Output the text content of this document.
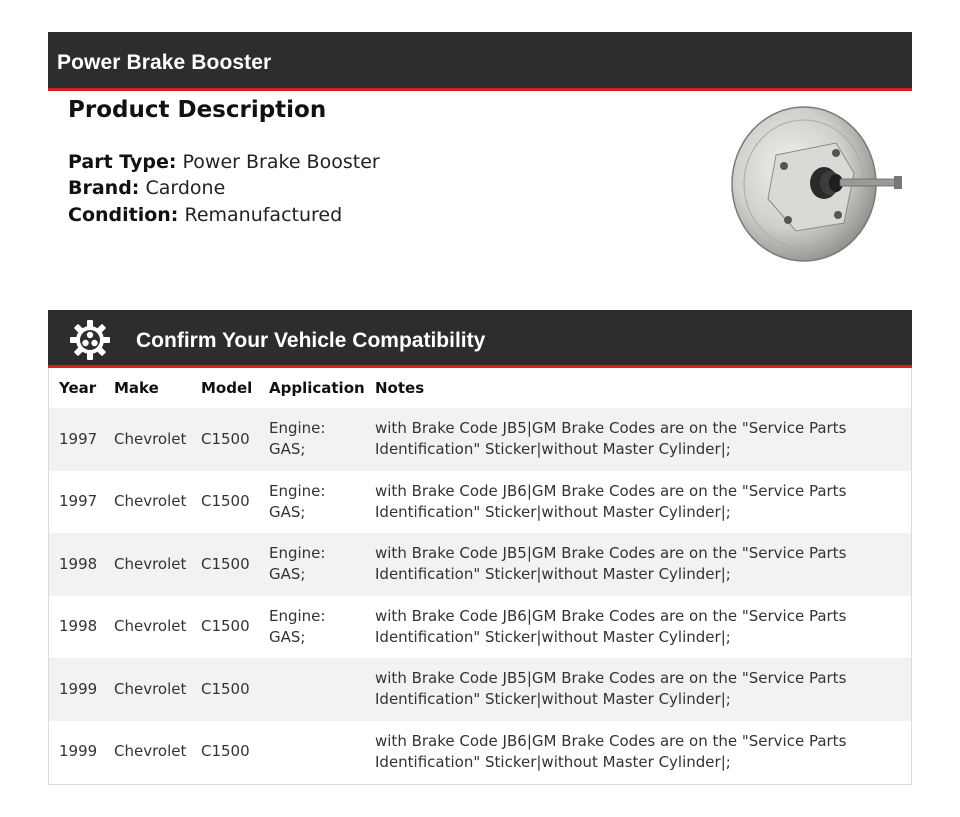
Power Brake Booster
Product Description
Part Type: Power Brake Booster
Brand: Cardone
Condition: Remanufactured
Confirm Your Vehicle Compatibility
Year	Make	Model	Application	Notes
1997	Chevrolet	C1500	Engine: GAS;	with Brake Code JB5|GM Brake Codes are on the "Service Parts Identification" Sticker|without Master Cylinder|;
1997	Chevrolet	C1500	Engine: GAS;	with Brake Code JB6|GM Brake Codes are on the "Service Parts Identification" Sticker|without Master Cylinder|;
1998	Chevrolet	C1500	Engine: GAS;	with Brake Code JB5|GM Brake Codes are on the "Service Parts Identification" Sticker|without Master Cylinder|;
1998	Chevrolet	C1500	Engine: GAS;	with Brake Code JB6|GM Brake Codes are on the "Service Parts Identification" Sticker|without Master Cylinder|;
1999	Chevrolet	C1500		with Brake Code JB5|GM Brake Codes are on the "Service Parts Identification" Sticker|without Master Cylinder|;
1999	Chevrolet	C1500		with Brake Code JB6|GM Brake Codes are on the "Service Parts Identification" Sticker|without Master Cylinder|;
